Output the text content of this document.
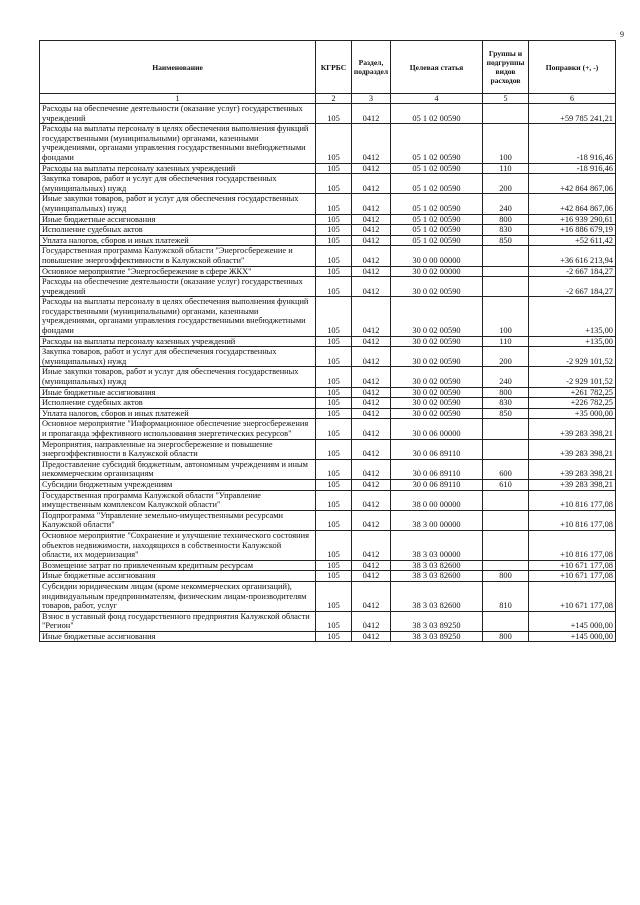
9
Наименование	КГРБС	Раздел, подраздел	Целевая статья	Группы и подгруппы видов расходов	Поправки (+, -)
1	2	3	4	5	6
Расходы на обеспечение деятельности (оказание услуг) государственных учреждений	105	0412	05 1 02 00590		+59 785 241,21
Расходы на выплаты персоналу в целях обеспечения выполнения функций государственными (муниципальными) органами, казенными учреждениями, органами управления государственными внебюджетными фондами	105	0412	05 1 02 00590	100	-18 916,46
Расходы на выплаты персоналу казенных учреждений	105	0412	05 1 02 00590	110	-18 916,46
Закупка товаров, работ и услуг для обеспечения государственных (муниципальных) нужд	105	0412	05 1 02 00590	200	+42 864 867,06
Иные закупки товаров, работ и услуг для обеспечения государственных (муниципальных) нужд	105	0412	05 1 02 00590	240	+42 864 867,06
Иные бюджетные ассигнования	105	0412	05 1 02 00590	800	+16 939 290,61
Исполнение судебных актов	105	0412	05 1 02 00590	830	+16 886 679,19
Уплата налогов, сборов и иных платежей	105	0412	05 1 02 00590	850	+52 611,42
Государственная программа Калужской области "Энергосбережение и повышение энергоэффективности в Калужской области"	105	0412	30 0 00 00000		+36 616 213,94
Основное мероприятие "Энергосбережение в сфере ЖКХ"	105	0412	30 0 02 00000		-2 667 184,27
Расходы на обеспечение деятельности (оказание услуг) государственных учреждений	105	0412	30 0 02 00590		-2 667 184,27
Расходы на выплаты персоналу в целях обеспечения выполнения функций государственными (муниципальными) органами, казенными учреждениями, органами управления государственными внебюджетными фондами	105	0412	30 0 02 00590	100	+135,00
Расходы на выплаты персоналу казенных учреждений	105	0412	30 0 02 00590	110	+135,00
Закупка товаров, работ и услуг для обеспечения государственных (муниципальных) нужд	105	0412	30 0 02 00590	200	-2 929 101,52
Иные закупки товаров, работ и услуг для обеспечения государственных (муниципальных) нужд	105	0412	30 0 02 00590	240	-2 929 101,52
Иные бюджетные ассигнования	105	0412	30 0 02 00590	800	+261 782,25
Исполнение судебных актов	105	0412	30 0 02 00590	830	+226 782,25
Уплата налогов, сборов и иных платежей	105	0412	30 0 02 00590	850	+35 000,00
Основное мероприятие "Информационное обеспечение энергосбережения и пропаганда эффективного использования энергетических ресурсов"	105	0412	30 0 06 00000		+39 283 398,21
Мероприятия, направленные на энергосбережение и повышение энергоэффективности в Калужской области	105	0412	30 0 06 89110		+39 283 398,21
Предоставление субсидий бюджетным, автономным учреждениям и иным некоммерческим организациям	105	0412	30 0 06 89110	600	+39 283 398,21
Субсидии бюджетным учреждениям	105	0412	30 0 06 89110	610	+39 283 398,21
Государственная программа Калужской области "Управление имущественным комплексом Калужской области"	105	0412	38 0 00 00000		+10 816 177,08
Подпрограмма "Управление земельно-имущественными ресурсами Калужской области"	105	0412	38 3 00 00000		+10 816 177,08
Основное мероприятие "Сохранение и улучшение технического состояния объектов недвижимости, находящихся в собственности Калужской области, их модернизация"	105	0412	38 3 03 00000		+10 816 177,08
Возмещение затрат по привлеченным кредитным ресурсам	105	0412	38 3 03 82600		+10 671 177,08
Иные бюджетные ассигнования	105	0412	38 3 03 82600	800	+10 671 177,08
Субсидии юридическим лицам (кроме некоммерческих организаций), индивидуальным предпринимателям, физическим лицам-производителям товаров, работ, услуг	105	0412	38 3 03 82600	810	+10 671 177,08
Взнос в уставный фонд государственного предприятия Калужской области "Регион"	105	0412	38 3 03 89250		+145 000,00
Иные бюджетные ассигнования	105	0412	38 3 03 89250	800	+145 000,00
